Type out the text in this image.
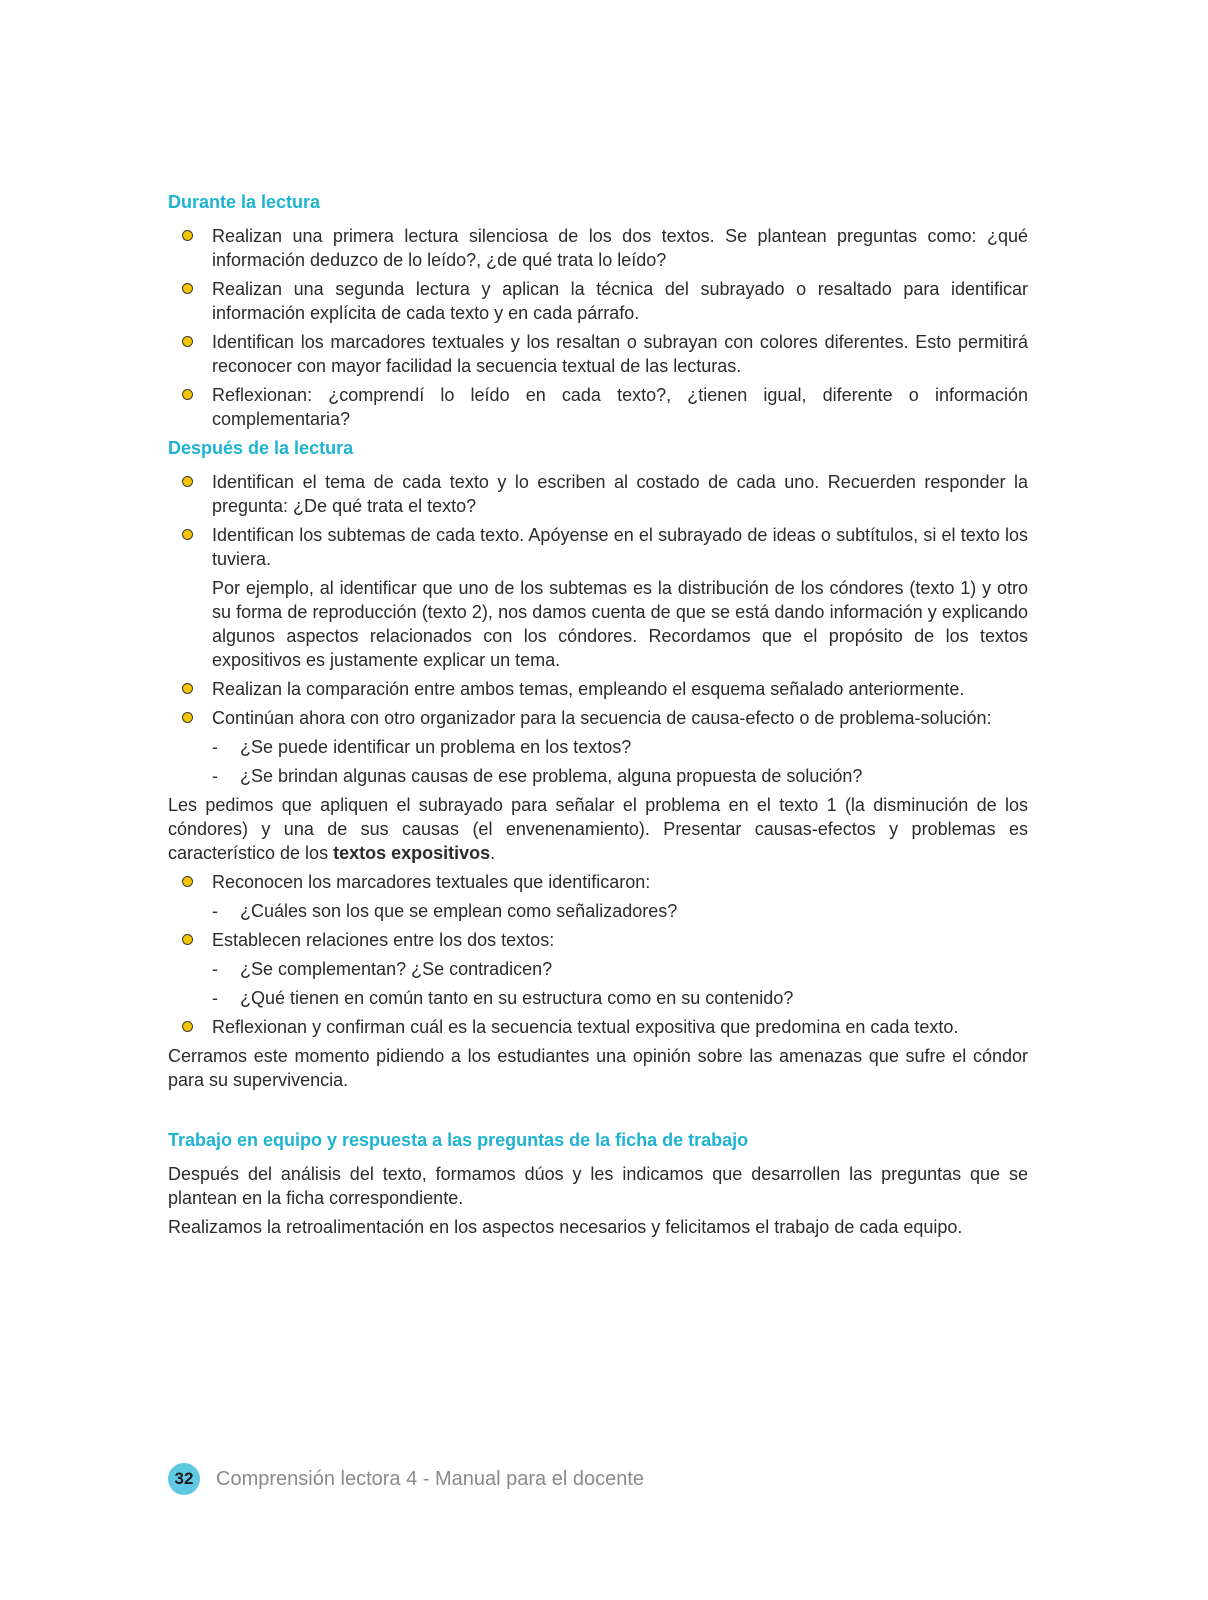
Durante la lectura
Realizan una primera lectura silenciosa de los dos textos. Se plantean preguntas como: ¿qué información deduzco de lo leído?, ¿de qué trata lo leído?
Realizan una segunda lectura y aplican la técnica del subrayado o resaltado para identificar información explícita de cada texto y en cada párrafo.
Identifican los marcadores textuales y los resaltan o subrayan con colores diferentes. Esto permitirá reconocer con mayor facilidad la secuencia textual de las lecturas.
Reflexionan: ¿comprendí lo leído en cada texto?, ¿tienen igual, diferente o información complementaria?
Después de la lectura
Identifican el tema de cada texto y lo escriben al costado de cada uno. Recuerden responder la pregunta: ¿De qué trata el texto?
Identifican los subtemas de cada texto. Apóyense en el subrayado de ideas o subtítulos, si el texto los tuviera.

Por ejemplo, al identificar que uno de los subtemas es la distribución de los cóndores (texto 1) y otro su forma de reproducción (texto 2), nos damos cuenta de que se está dando información y explicando algunos aspectos relacionados con los cóndores. Recordamos que el propósito de los textos expositivos es justamente explicar un tema.

Realizan la comparación entre ambos temas, empleando el esquema señalado anteriormente.
Continúan ahora con otro organizador para la secuencia de causa-efecto o de problema-solución:
- ¿Se puede identificar un problema en los textos?
- ¿Se brindan algunas causas de ese problema, alguna propuesta de solución?

Les pedimos que apliquen el subrayado para señalar el problema en el texto 1 (la disminución de los cóndores) y una de sus causas (el envenenamiento). Presentar causas-efectos y problemas es característico de los textos expositivos.

Reconocen los marcadores textuales que identificaron:
- ¿Cuáles son los que se emplean como señalizadores?
Establecen relaciones entre los dos textos:
- ¿Se complementan? ¿Se contradicen?
- ¿Qué tienen en común tanto en su estructura como en su contenido?
Reflexionan y confirman cuál es la secuencia textual expositiva que predomina en cada texto.

Cerramos este momento pidiendo a los estudiantes una opinión sobre las amenazas que sufre el cóndor para su supervivencia.

Trabajo en equipo y respuesta a las preguntas de la ficha de trabajo

Después del análisis del texto, formamos dúos y les indicamos que desarrollen las preguntas que se plantean en la ficha correspondiente.

Realizamos la retroalimentación en los aspectos necesarios y felicitamos el trabajo de cada equipo.

32	Comprensión lectora 4 - Manual para el docente
